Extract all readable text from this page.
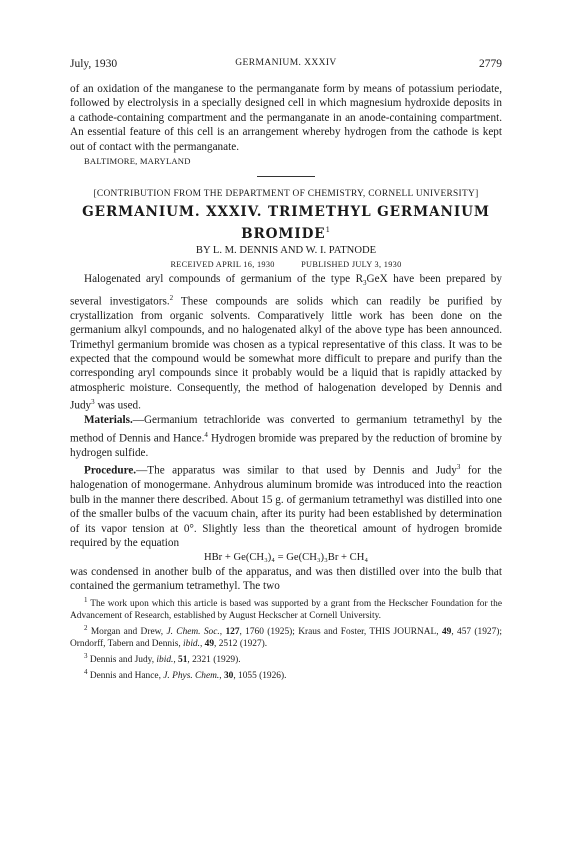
July, 1930	GERMANIUM. XXXIV	2779

of an oxidation of the manganese to the permanganate form by means of potassium periodate, followed by electrolysis in a specially designed cell in which magnesium hydroxide deposits in a cathode-containing compartment and the permanganate in an anode-containing compartment. An essential feature of this cell is an arrangement whereby hydrogen from the cathode is kept out of contact with the permanganate.

BALTIMORE, MARYLAND
[CONTRIBUTION FROM THE DEPARTMENT OF CHEMISTRY, CORNELL UNIVERSITY]
GERMANIUM. XXXIV. TRIMETHYL GERMANIUM BROMIDE$^1$
BY L. M. DENNIS AND W. I. PATNODE
RECEIVED APRIL 16, 1930	PUBLISHED JULY 3, 1930

Halogenated aryl compounds of germanium of the type $R_3GeX$ have been prepared by several investigators.$^2$ These compounds are solids which can readily be purified by crystallization from organic solvents. Comparatively little work has been done on the germanium alkyl compounds, and no halogenated alkyl of the above type has been announced. Trimethyl germanium bromide was chosen as a typical representative of this class. It was to be expected that the compound would be somewhat more difficult to prepare and purify than the corresponding aryl compounds since it probably would be a liquid that is rapidly attacked by atmospheric moisture. Consequently, the method of halogenation developed by Dennis and Judy$^3$ was used.

Materials.—Germanium tetrachloride was converted to germanium tetramethyl by the method of Dennis and Hance.$^4$ Hydrogen bromide was prepared by the reduction of bromine by hydrogen sulfide.

Procedure.—The apparatus was similar to that used by Dennis and Judy$^3$ for the halogenation of monogermane. Anhydrous aluminum bromide was introduced into the reaction bulb in the manner there described. About 15 g. of germanium tetramethyl was distilled into one of the smaller bulbs of the vacuum chain, after its purity had been established by determination of its vapor tension at 0°. Slightly less than the theoretical amount of hydrogen bromide required by the equation

HBr + Ge(CH₃)₄ = Ge(CH₃)₃Br + CH₄

was condensed in another bulb of the apparatus, and was then distilled over into the bulb that contained the germanium tetramethyl. The two

$^1$ The work upon which this article is based was supported by a grant from the Heckscher Foundation for the Advancement of Research, established by August Heckscher at Cornell University.

$^2$ Morgan and Drew, J. Chem. Soc., 127, 1760 (1925); Kraus and Foster, THIS JOURNAL, 49, 457 (1927); Orndorff, Tabern and Dennis, ibid., 49, 2512 (1927).

$^3$ Dennis and Judy, ibid., 51, 2321 (1929).

$^4$ Dennis and Hance, J. Phys. Chem., 30, 1055 (1926).
